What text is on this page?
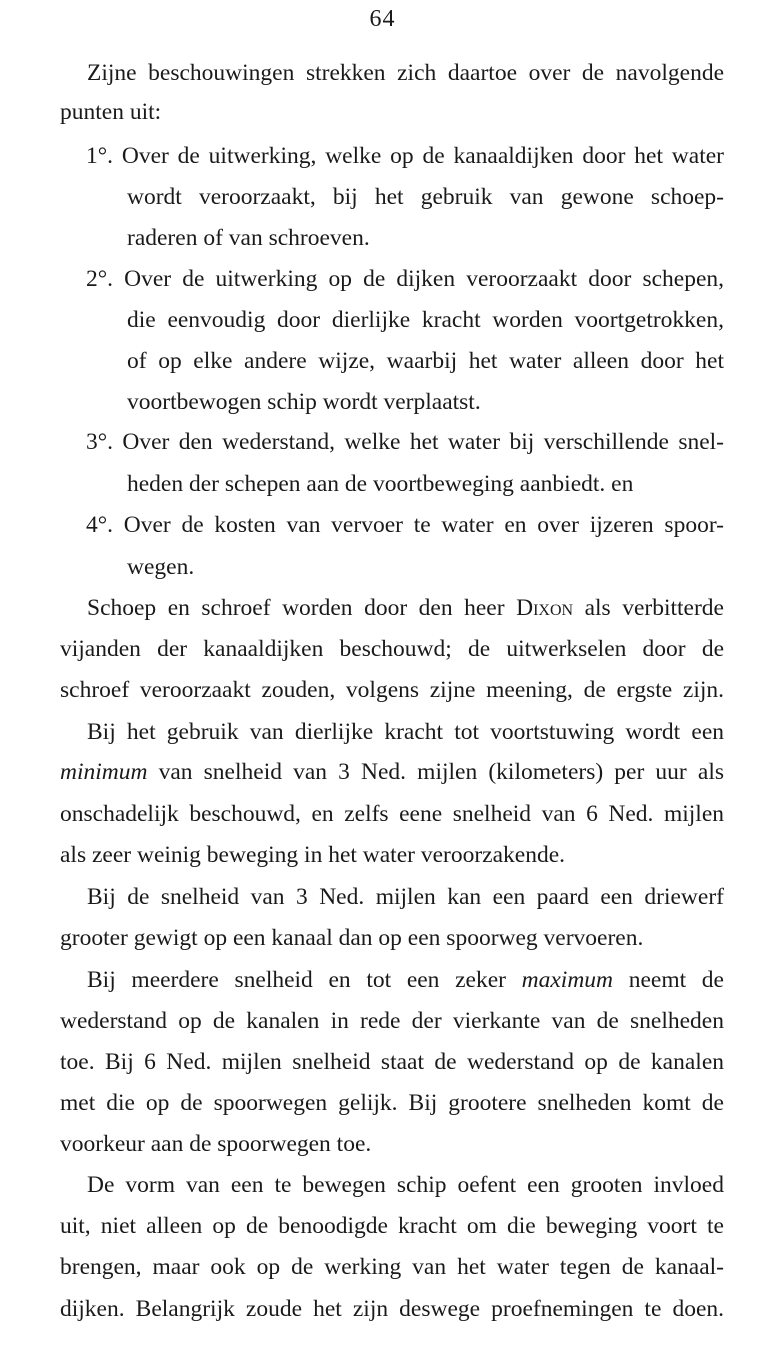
64
Zijne beschouwingen strekken zich daartoe over de navolgende
punten uit:
1°. Over de uitwerking, welke op de kanaaldijken door het water
wordt veroorzaakt, bij het gebruik van gewone schoep-
raderen of van schroeven.
2°. Over de uitwerking op de dijken veroorzaakt door schepen,
die eenvoudig door dierlijke kracht worden voortgetrokken,
of op elke andere wijze, waarbij het water alleen door het
voortbewogen schip wordt verplaatst.
3°. Over den wederstand, welke het water bij verschillende snel-
heden der schepen aan de voortbeweging aanbiedt. en
4°. Over de kosten van vervoer te water en over ijzeren spoor-
wegen.
Schoep en schroef worden door den heer Dixon als verbitterde
vijanden der kanaaldijken beschouwd; de uitwerkselen door de
schroef veroorzaakt zouden, volgens zijne meening, de ergste zijn.
Bij het gebruik van dierlijke kracht tot voortstuwing wordt een
minimum van snelheid van 3 Ned. mijlen (kilometers) per uur als
onschadelijk beschouwd, en zelfs eene snelheid van 6 Ned. mijlen
als zeer weinig beweging in het water veroorzakende.
Bij de snelheid van 3 Ned. mijlen kan een paard een driewerf
grooter gewigt op een kanaal dan op een spoorweg vervoeren.
Bij meerdere snelheid en tot een zeker maximum neemt de
wederstand op de kanalen in rede der vierkante van de snelheden
toe. Bij 6 Ned. mijlen snelheid staat de wederstand op de kanalen
met die op de spoorwegen gelijk. Bij grootere snelheden komt de
voorkeur aan de spoorwegen toe.
De vorm van een te bewegen schip oefent een grooten invloed
uit, niet alleen op de benoodigde kracht om die beweging voort te
brengen, maar ook op de werking van het water tegen de kanaal-
dijken. Belangrijk zoude het zijn deswege proefnemingen te doen.
